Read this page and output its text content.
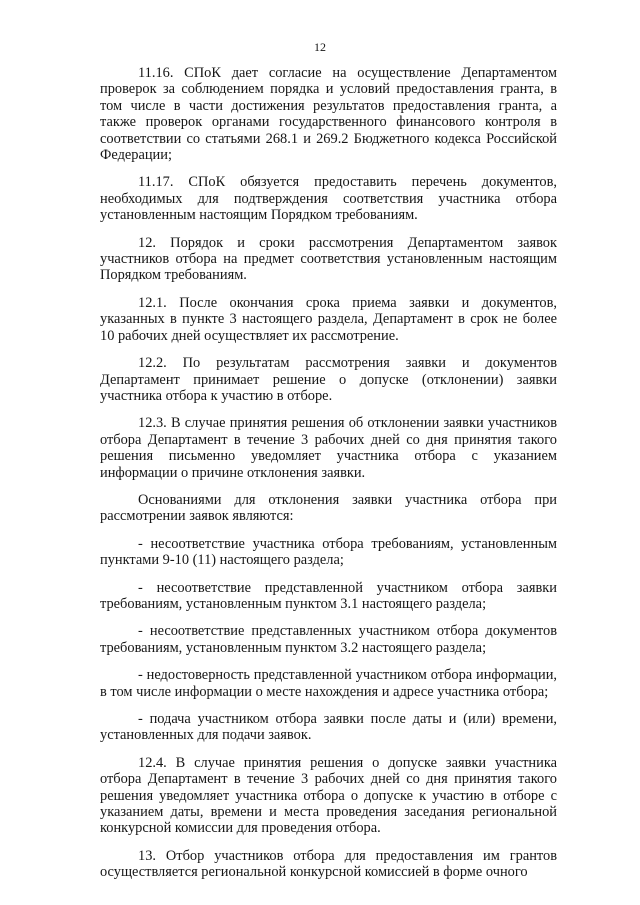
12

11.16. СПоК дает согласие на осуществление Департаментом проверок за соблюдением порядка и условий предоставления гранта, в том числе в части достижения результатов предоставления гранта, а также проверок органами государственного финансового контроля в соответствии со статьями 268.1 и 269.2 Бюджетного кодекса Российской Федерации;

11.17. СПоК обязуется предоставить перечень документов, необходимых для подтверждения соответствия участника отбора установленным настоящим Порядком требованиям.

12. Порядок и сроки рассмотрения Департаментом заявок участников отбора на предмет соответствия установленным настоящим Порядком требованиям.

12.1. После окончания срока приема заявки и документов, указанных в пункте 3 настоящего раздела, Департамент в срок не более 10 рабочих дней осуществляет их рассмотрение.

12.2. По результатам рассмотрения заявки и документов Департамент принимает решение о допуске (отклонении) заявки участника отбора к участию в отборе.

12.3. В случае принятия решения об отклонении заявки участников отбора Департамент в течение 3 рабочих дней со дня принятия такого решения письменно уведомляет участника отбора с указанием информации о причине отклонения заявки.

Основаниями для отклонения заявки участника отбора при рассмотрении заявок являются:

- несоответствие участника отбора требованиям, установленным пунктами 9-10 (11) настоящего раздела;

- несоответствие представленной участником отбора заявки требованиям, установленным пунктом 3.1 настоящего раздела;

- несоответствие представленных участником отбора документов требованиям, установленным пунктом 3.2 настоящего раздела;

- недостоверность представленной участником отбора информации, в том числе информации о месте нахождения и адресе участника отбора;

- подача участником отбора заявки после даты и (или) времени, установленных для подачи заявок.

12.4. В случае принятия решения о допуске заявки участника отбора Департамент в течение 3 рабочих дней со дня принятия такого решения уведомляет участника отбора о допуске к участию в отборе с указанием даты, времени и места проведения заседания региональной конкурсной комиссии для проведения отбора.

13. Отбор участников отбора для предоставления им грантов осуществляется региональной конкурсной комиссией в форме очного
